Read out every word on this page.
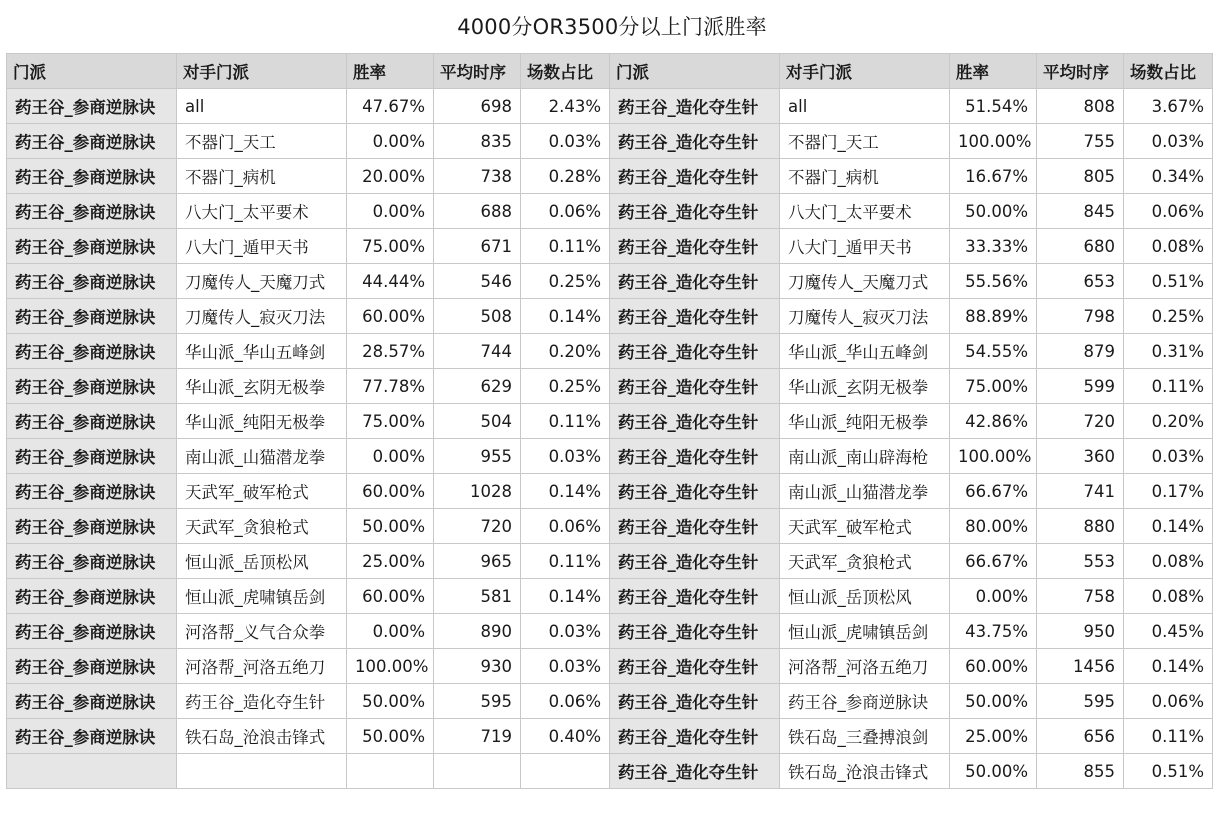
4000分OR3500分以上门派胜率
门派	对手门派	胜率	平均时序	场数占比	门派	对手门派	胜率	平均时序	场数占比
药王谷_参商逆脉诀	all	47.67%	698	2.43%	药王谷_造化夺生针	all	51.54%	808	3.67%
药王谷_参商逆脉诀	不器门_天工	0.00%	835	0.03%	药王谷_造化夺生针	不器门_天工	100.00%	755	0.03%
药王谷_参商逆脉诀	不器门_病机	20.00%	738	0.28%	药王谷_造化夺生针	不器门_病机	16.67%	805	0.34%
药王谷_参商逆脉诀	八大门_太平要术	0.00%	688	0.06%	药王谷_造化夺生针	八大门_太平要术	50.00%	845	0.06%
药王谷_参商逆脉诀	八大门_遁甲天书	75.00%	671	0.11%	药王谷_造化夺生针	八大门_遁甲天书	33.33%	680	0.08%
药王谷_参商逆脉诀	刀魔传人_天魔刀式	44.44%	546	0.25%	药王谷_造化夺生针	刀魔传人_天魔刀式	55.56%	653	0.51%
药王谷_参商逆脉诀	刀魔传人_寂灭刀法	60.00%	508	0.14%	药王谷_造化夺生针	刀魔传人_寂灭刀法	88.89%	798	0.25%
药王谷_参商逆脉诀	华山派_华山五峰剑	28.57%	744	0.20%	药王谷_造化夺生针	华山派_华山五峰剑	54.55%	879	0.31%
药王谷_参商逆脉诀	华山派_玄阴无极拳	77.78%	629	0.25%	药王谷_造化夺生针	华山派_玄阴无极拳	75.00%	599	0.11%
药王谷_参商逆脉诀	华山派_纯阳无极拳	75.00%	504	0.11%	药王谷_造化夺生针	华山派_纯阳无极拳	42.86%	720	0.20%
药王谷_参商逆脉诀	南山派_山猫潜龙拳	0.00%	955	0.03%	药王谷_造化夺生针	南山派_南山辟海枪	100.00%	360	0.03%
药王谷_参商逆脉诀	天武军_破军枪式	60.00%	1028	0.14%	药王谷_造化夺生针	南山派_山猫潜龙拳	66.67%	741	0.17%
药王谷_参商逆脉诀	天武军_贪狼枪式	50.00%	720	0.06%	药王谷_造化夺生针	天武军_破军枪式	80.00%	880	0.14%
药王谷_参商逆脉诀	恒山派_岳顶松风	25.00%	965	0.11%	药王谷_造化夺生针	天武军_贪狼枪式	66.67%	553	0.08%
药王谷_参商逆脉诀	恒山派_虎啸镇岳剑	60.00%	581	0.14%	药王谷_造化夺生针	恒山派_岳顶松风	0.00%	758	0.08%
药王谷_参商逆脉诀	河洛帮_义气合众拳	0.00%	890	0.03%	药王谷_造化夺生针	恒山派_虎啸镇岳剑	43.75%	950	0.45%
药王谷_参商逆脉诀	河洛帮_河洛五绝刀	100.00%	930	0.03%	药王谷_造化夺生针	河洛帮_河洛五绝刀	60.00%	1456	0.14%
药王谷_参商逆脉诀	药王谷_造化夺生针	50.00%	595	0.06%	药王谷_造化夺生针	药王谷_参商逆脉诀	50.00%	595	0.06%
药王谷_参商逆脉诀	铁石岛_沧浪击锋式	50.00%	719	0.40%	药王谷_造化夺生针	铁石岛_三叠搏浪剑	25.00%	656	0.11%
					药王谷_造化夺生针	铁石岛_沧浪击锋式	50.00%	855	0.51%
